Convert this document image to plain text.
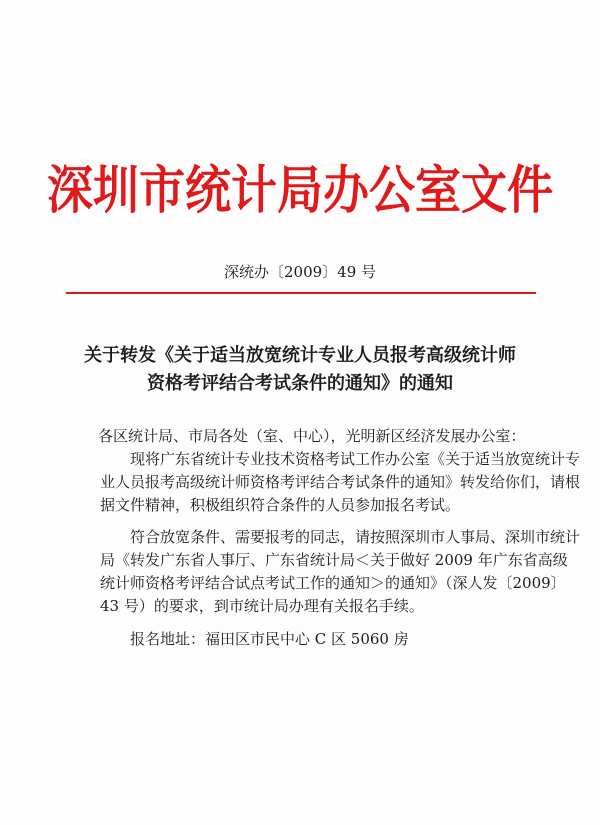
深圳市统计局办公室文件
深统办〔2009〕49 号
关于转发《关于适当放宽统计专业人员报考高级统计师
资格考评结合考试条件的通知》的通知

各区统计局、市局各处（室、中心），光明新区经济发展办公室：

现将广东省统计专业技术资格考试工作办公室《关于适当放宽统计专业人员报考高级统计师资格考评结合考试条件的通知》转发给你们，请根据文件精神，积极组织符合条件的人员参加报名考试。

符合放宽条件、需要报考的同志，请按照深圳市人事局、深圳市统计局《转发广东省人事厅、广东省统计局＜关于做好 2009 年广东省高级统计师资格考评结合试点考试工作的通知＞的通知》（深人发〔2009〕43 号）的要求，到市统计局办理有关报名手续。

报名地址：福田区市民中心 C 区 5060 房
